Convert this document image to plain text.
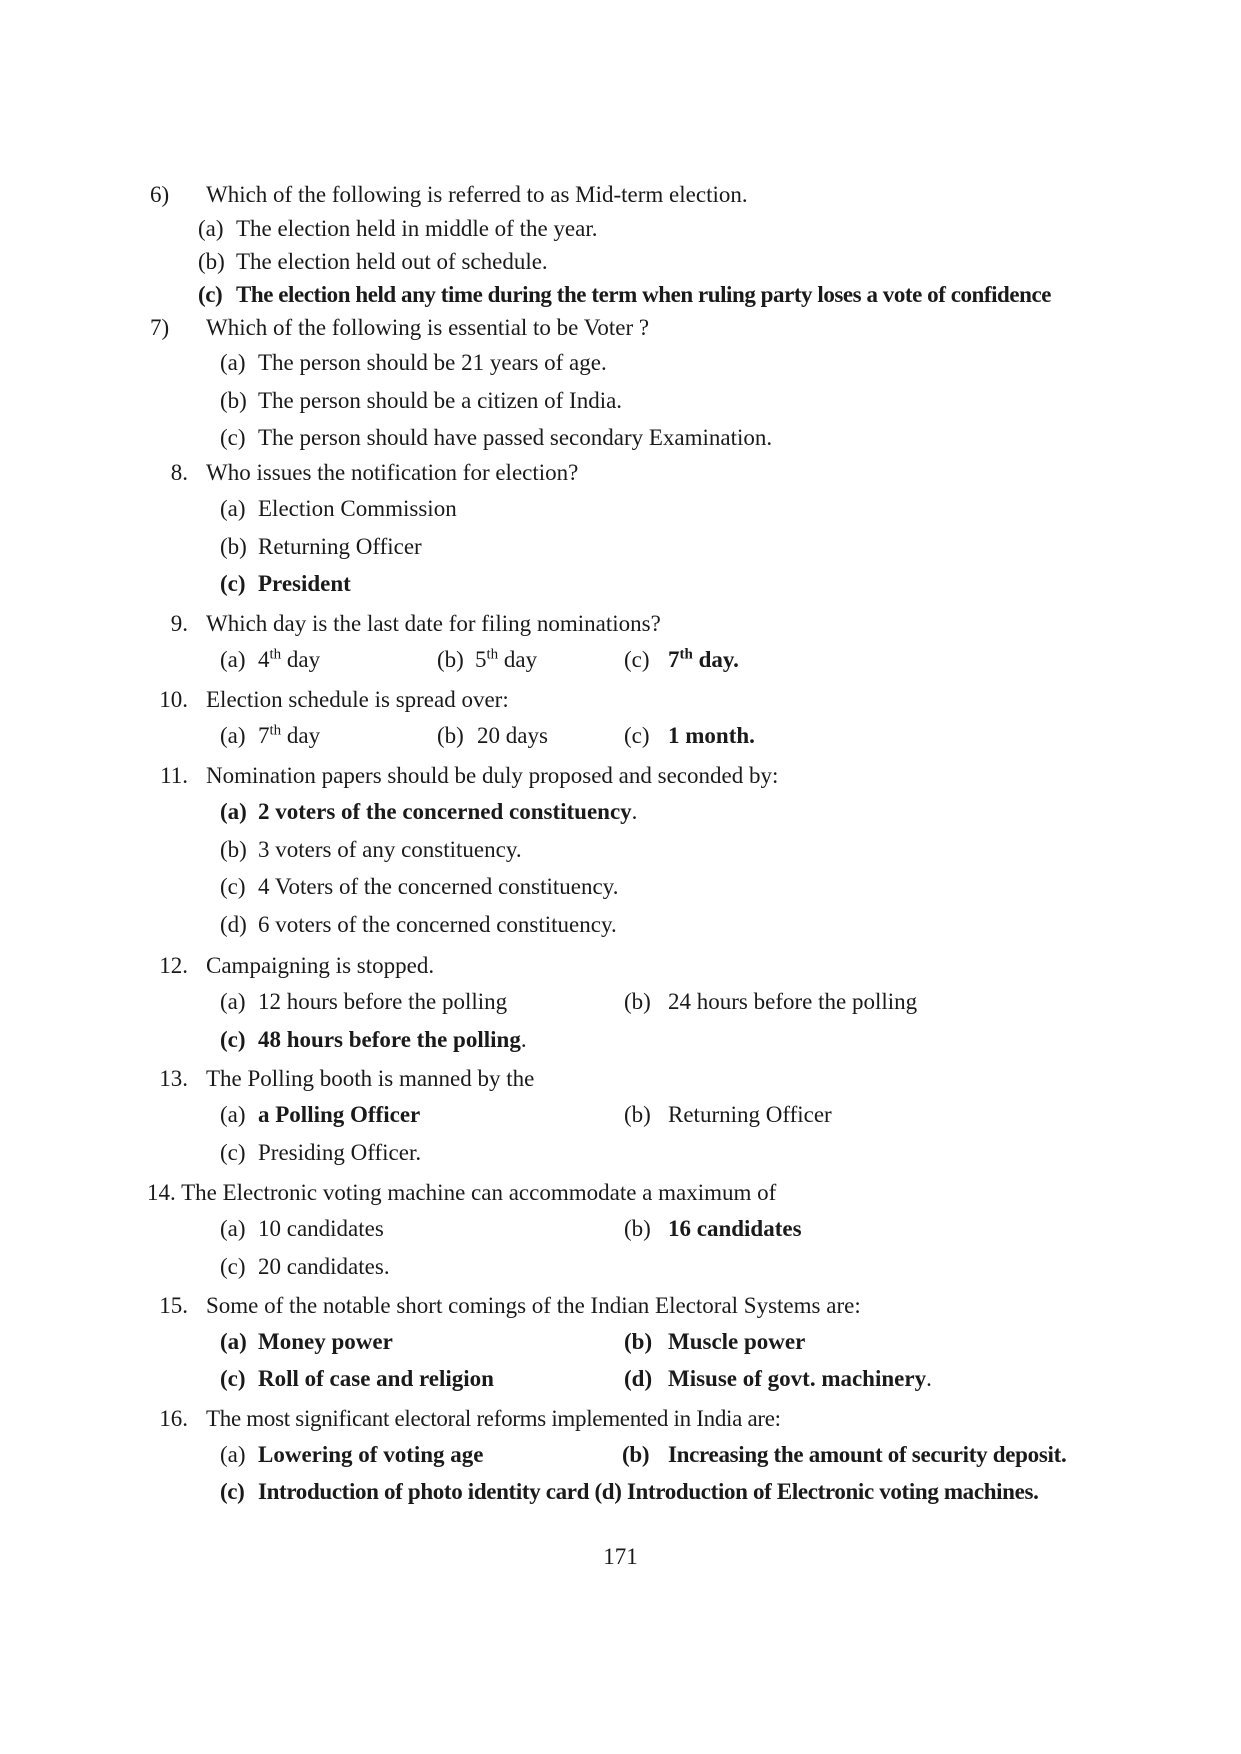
6)	Which of the following is referred to as Mid-term election.
(a) The election held in middle of the year.
(b) The election held out of schedule.
(c) The election held any time during the term when ruling party loses a vote of confidence
7)	Which of the following is essential to be Voter ?
(a) The person should be 21 years of age.
(b) The person should be a citizen of India.
(c) The person should have passed secondary Examination.
8. Who issues the notification for election?
(a) Election Commission
(b) Returning Officer
(c) President
9. Which day is the last date for filing nominations?
(a) 4th day	(b) 5th day	(c) 7th day.
10. Election schedule is spread over:
(a) 7th day	(b) 20 days	(c) 1 month.
11. Nomination papers should be duly proposed and seconded by:
(a) 2 voters of the concerned constituency.
(b) 3 voters of any constituency.
(c) 4 Voters of the concerned constituency.
(d) 6 voters of the concerned constituency.
12. Campaigning is stopped.
(a) 12 hours before the polling	(b) 24 hours before the polling
(c) 48 hours before the polling.
13. The Polling booth is manned by the
(a) a Polling Officer	(b) Returning Officer
(c) Presiding Officer.
14. The Electronic voting machine can accommodate a maximum of
(a) 10 candidates	(b) 16 candidates
(c) 20 candidates.
15. Some of the notable short comings of the Indian Electoral Systems are:
(a) Money power	(b) Muscle power
(c) Roll of case and religion	(d) Misuse of govt. machinery.
16. The most significant electoral reforms implemented in India are:
(a) Lowering of voting age	(b) Increasing the amount of security deposit.
(c) Introduction of photo identity card (d) Introduction of Electronic voting machines.
171
